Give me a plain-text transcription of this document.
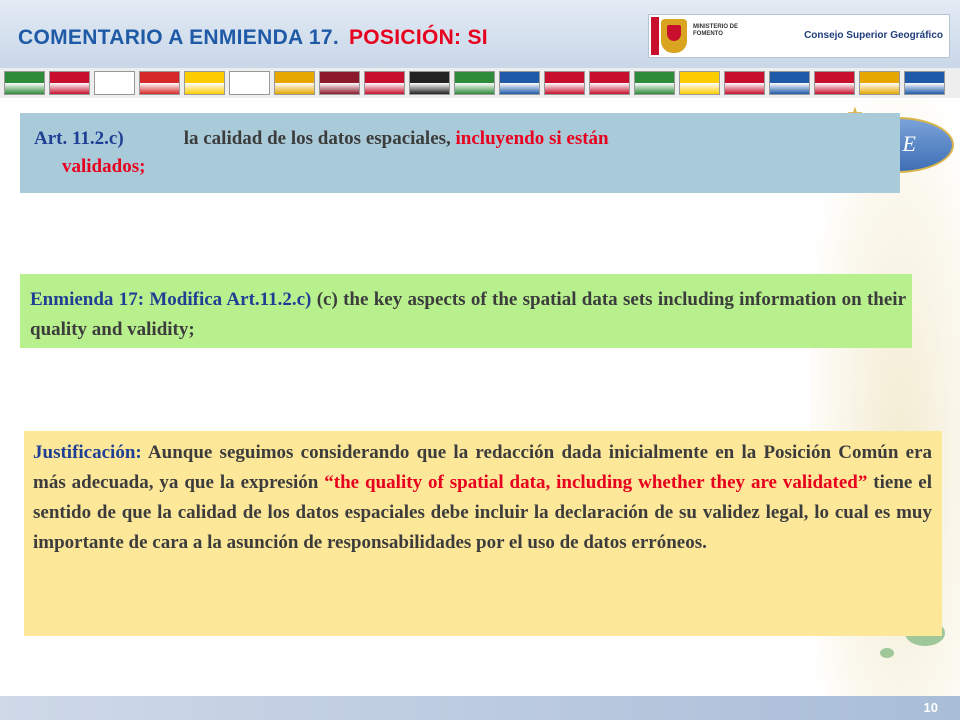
COMENTARIO A ENMIENDA 17. POSICIÓN: SI	MINISTERIO DE FOMENTO	Consejo Superior Geográfico
E
Art. 11.2.c)	la calidad de los datos espaciales, incluyendo si están
validados;
Enmienda 17: Modifica Art.11.2.c) (c) the key aspects of the spatial data sets including information on their quality and validity;
Justificación: Aunque seguimos considerando que la redacción dada inicialmente en la Posición Común era más adecuada, ya que la expresión “the quality of spatial data, including whether they are validated” tiene el sentido de que la calidad de los datos espaciales debe incluir la declaración de su validez legal, lo cual es muy importante de cara a la asunción de responsabilidades por el uso de datos erróneos.
10
